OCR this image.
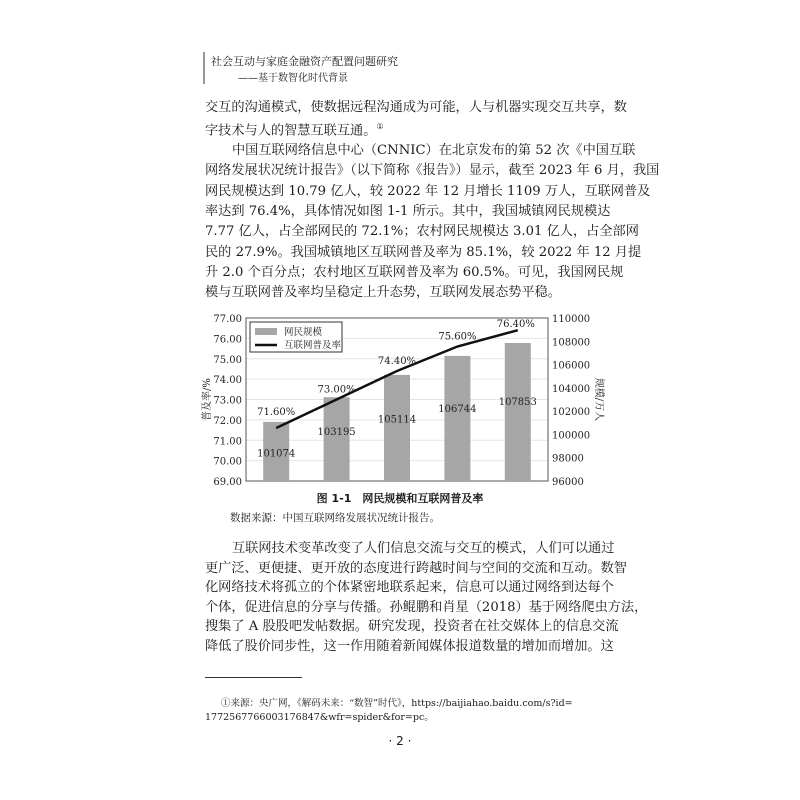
社会互动与家庭金融资产配置问题研究
——基于数智化时代背景
交互的沟通模式，使数据远程沟通成为可能，人与机器实现交互共享，数
字技术与人的智慧互联互通。①
中国互联网络信息中心（CNNIC）在北京发布的第 52 次《中国互联
网络发展状况统计报告》（以下简称《报告》）显示，截至 2023 年 6 月，我国
网民规模达到 10.79 亿人，较 2022 年 12 月增长 1109 万人，互联网普及
率达到 76.4%，具体情况如图 1-1 所示。其中，我国城镇网民规模达
7.77 亿人，占全部网民的 72.1%；农村网民规模达 3.01 亿人，占全部网
民的 27.9%。我国城镇地区互联网普及率为 85.1%，较 2022 年 12 月提
升 2.0 个百分点；农村地区互联网普及率为 60.5%。可见，我国网民规
模与互联网普及率均呈稳定上升态势，互联网发展态势平稳。
69.00
70.00
71.00
72.00
73.00
74.00
75.00
76.00
77.00
96000
98000
100000
102000
104000
106000
108000
110000
普及率/%	规模/万人
101074
103195
105114
106744
107853
71.60%
73.00%
74.40%
75.60%
76.40%
网民规模
互联网普及率
图 1-1　网民规模和互联网普及率
数据来源：中国互联网络发展状况统计报告。
互联网技术变革改变了人们信息交流与交互的模式，人们可以通过
更广泛、更便捷、更开放的态度进行跨越时间与空间的交流和互动。数智
化网络技术将孤立的个体紧密地联系起来，信息可以通过网络到达每个
个体，促进信息的分享与传播。孙鲲鹏和肖星（2018）基于网络爬虫方法，
搜集了 A 股股吧发帖数据。研究发现，投资者在社交媒体上的信息交流
降低了股价同步性，这一作用随着新闻媒体报道数量的增加而增加。这
①来源：央广网，《解码未来：“数智”时代》，https://baijiahao.baidu.com/s?id=
1772567766003176847&wfr=spider&for=pc。
· 2 ·
